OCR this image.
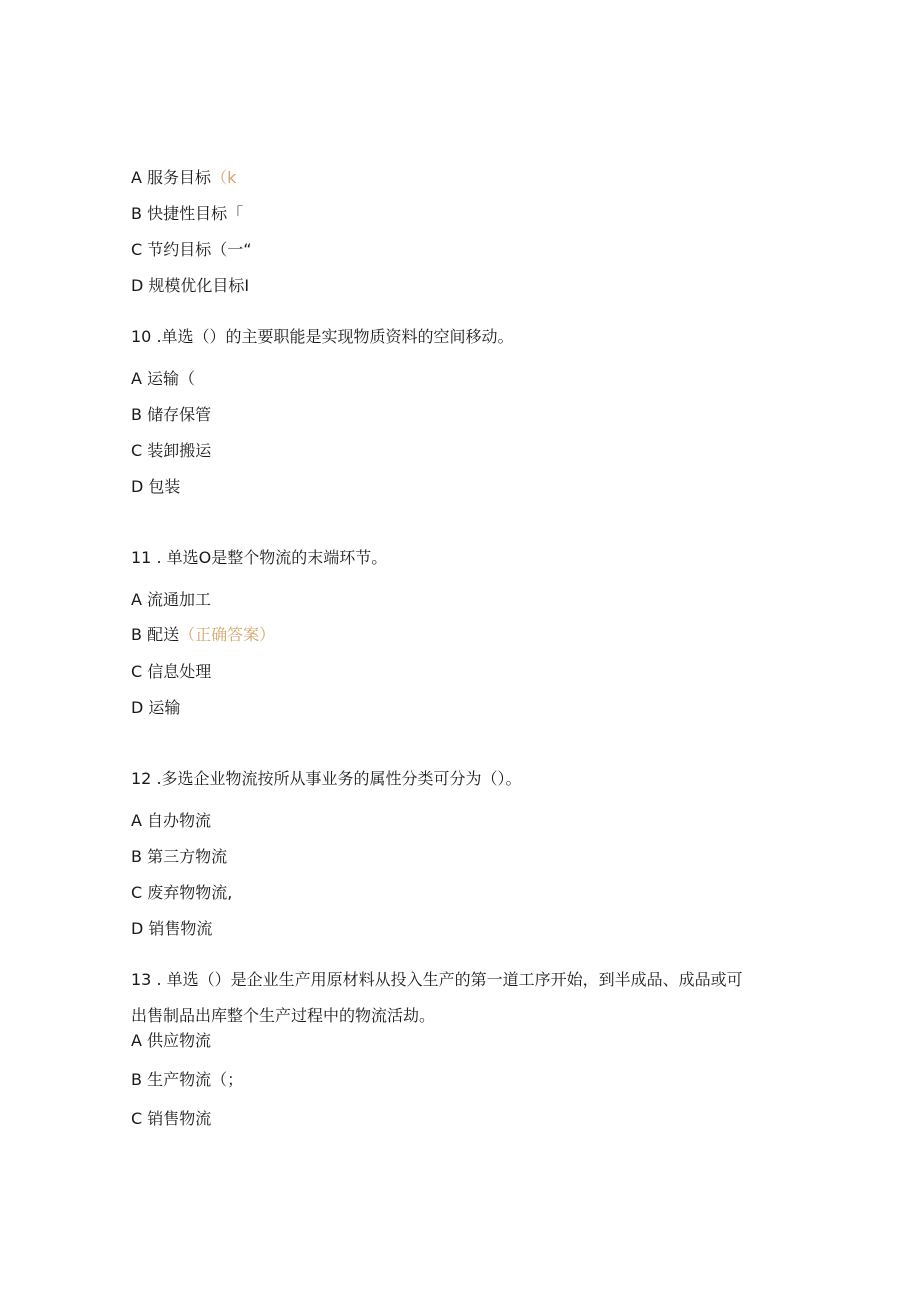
A 服务目标（k
B 快捷性目标「
C 节约目标（一“
D 规模优化目标I
10 .单选（）的主要职能是实现物质资料的空间移动。
A 运输（
B 储存保管
C 装卸搬运
D 包装
11 . 单选O是整个物流的末端环节。
A 流通加工
B 配送（正确答案）
C 信息处理
D 运输
12 .多选企业物流按所从事业务的属性分类可分为（）。
A 自办物流
B 第三方物流
C 废弃物物流,
D 销售物流
13 . 单选（）是企业生产用原材料从投入生产的第一道工序开始，到半成品、成品或可
出售制品出库整个生产过程中的物流活劫。
A 供应物流
B 生产物流（；
C 销售物流
